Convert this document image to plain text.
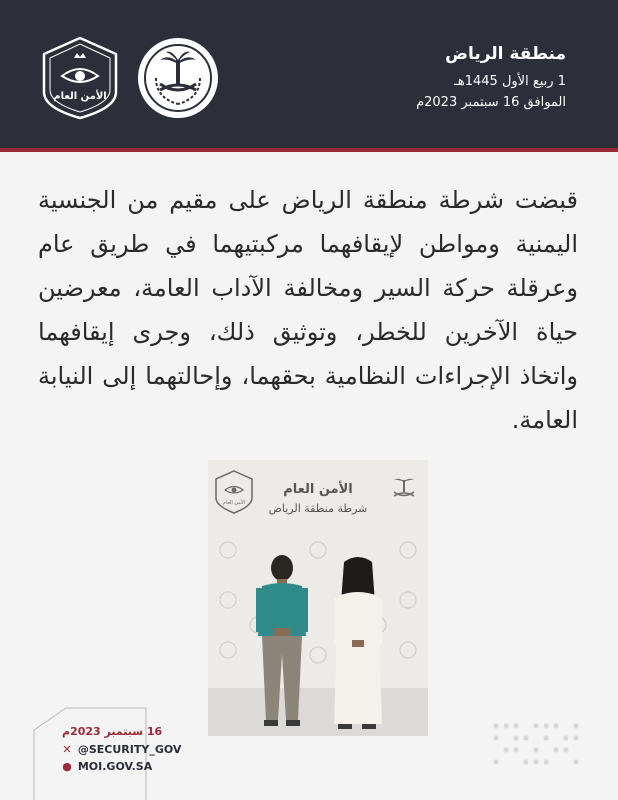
منطقة الرياض
1 ربيع الأول 1445هـ
الموافق 16 سبتمبر 2023م
الأمن العام
قبضت شرطة منطقة الرياض على مقيم من الجنسية اليمنية ومواطن لإيقافهما مركبتيهما في طريق عام وعرقلة حركة السير ومخالفة الآداب العامة، معرضين حياة الآخرين للخطر، وتوثيق ذلك، وجرى إيقافهما واتخاذ الإجراءات النظامية بحقهما، وإحالتهما إلى النيابة العامة.
الأمن العام
الأمن العام
شرطة منطقة الرياض
16 سبتمبر 2023م
✕ @SECURITY_GOV
● MOI.GOV.SA
